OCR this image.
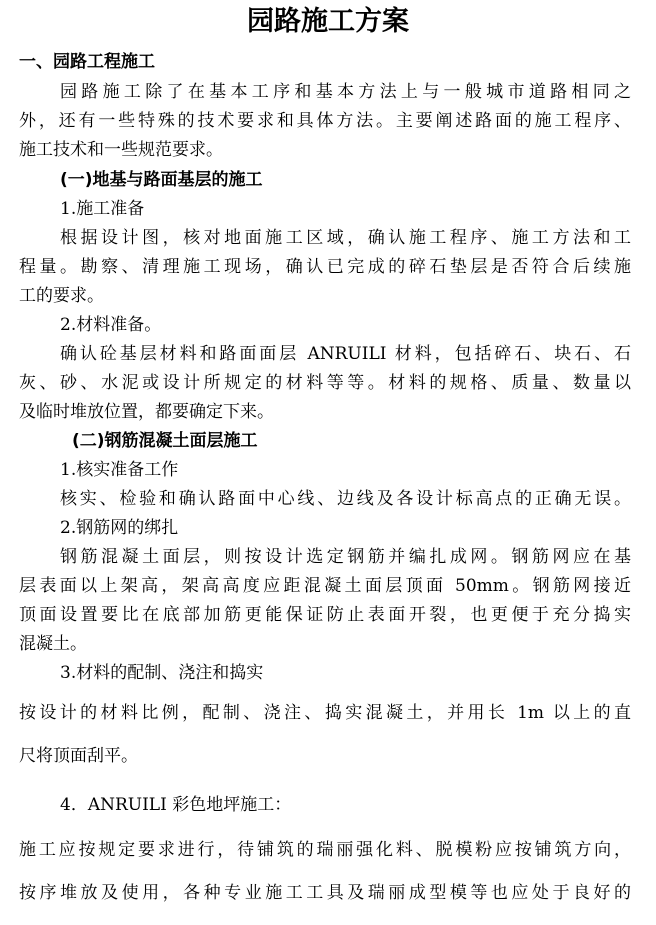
园路施工方案
一、园路工程施工
园路施工除了在基本工序和基本方法上与一般城市道路相同之
外，还有一些特殊的技术要求和具体方法。主要阐述路面的施工程序、
施工技术和一些规范要求。
(一)地基与路面基层的施工
1.施工准备
根据设计图，核对地面施工区域，确认施工程序、施工方法和工
程量。勘察、清理施工现场，确认已完成的碎石垫层是否符合后续施
工的要求。
2.材料准备。
确认砼基层材料和路面面层 ANRUILI 材料，包括碎石、块石、石
灰、砂、水泥或设计所规定的材料等等。材料的规格、质量、数量以
及临时堆放位置，都要确定下来。
(二)钢筋混凝土面层施工
1.核实准备工作
核实、检验和确认路面中心线、边线及各设计标高点的正确无误。
2.钢筋网的绑扎
钢筋混凝土面层，则按设计选定钢筋并编扎成网。钢筋网应在基
层表面以上架高，架高高度应距混凝土面层顶面 50mm。钢筋网接近
顶面设置要比在底部加筋更能保证防止表面开裂，也更便于充分捣实
混凝土。
3.材料的配制、浇注和捣实
按设计的材料比例，配制、浇注、捣实混凝土，并用长 1m 以上的直
尺将顶面刮平。
4．ANRUILI 彩色地坪施工：
施工应按规定要求进行，待铺筑的瑞丽强化料、脱模粉应按铺筑方向，
按序堆放及使用，各种专业施工工具及瑞丽成型模等也应处于良好的
